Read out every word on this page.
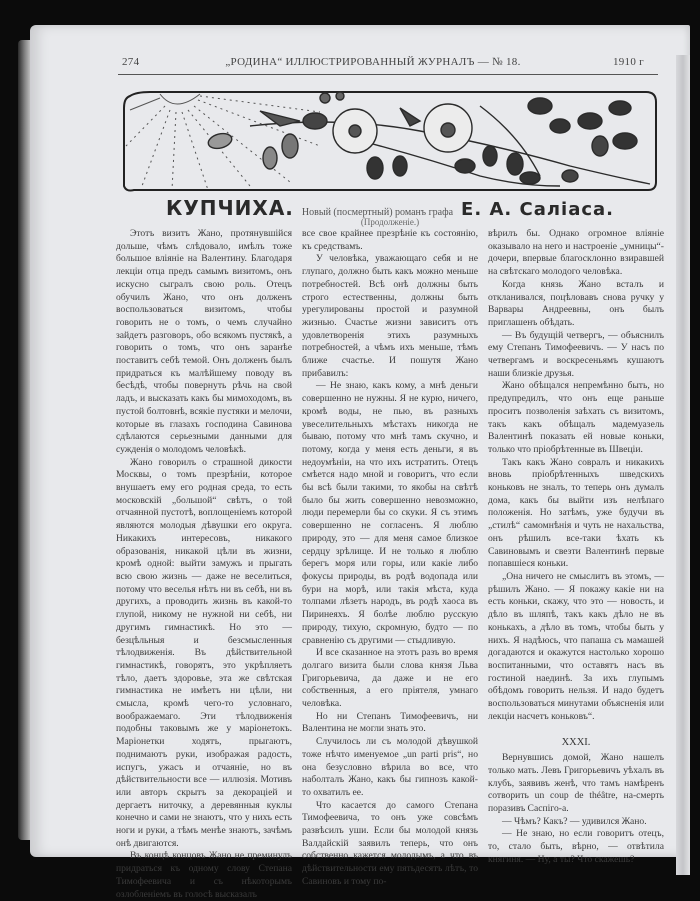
274	„РОДИНА“ ИЛЛЮСТРИРОВАННЫЙ ЖУРНАЛЪ — № 18.	1910 г
КУПЧИХА. Новый (посмертный) романъ графа Е. А. Саліаса.
(Продолженіе.)

Этотъ визитъ Жано, протянувшійся дольше, чѣмъ слѣдовало, имѣлъ тоже большое вліяніе на Валентину. Благодаря лекціи отца предъ самымъ визитомъ, онъ искусно сыгралъ свою роль. Отецъ обучилъ Жано, что онъ долженъ воспользоваться визитомъ, чтобы говорить не о томъ, о чемъ случайно зайдетъ разговоръ, обо всякомъ пустякѣ, а говорить о томъ, что онъ заранѣе поставитъ себѣ темой. Онъ долженъ былъ придраться къ малѣйшему поводу въ бесѣдѣ, чтобы повернуть рѣчь на свой ладъ, и высказать какъ бы мимоходомъ, въ пустой болтовнѣ, всякіе пустяки и мелочи, которые въ глазахъ господина Савинова сдѣлаются серьезными данными для сужденія о молодомъ человѣкѣ.

Жано говорилъ о страшной дикости Москвы, о томъ презрѣніи, которое внушаетъ ему его родная среда, то есть московскій „большой“ свѣтъ, о той отчаянной пустотѣ, воплощеніемъ которой являются молодыя дѣвушки его округа. Никакихъ интересовъ, никакого образованія, никакой цѣли въ жизни, кромѣ одной: выйти замужъ и прыгать всю свою жизнь — даже не веселиться, потому что веселья нѣтъ ни въ себѣ, ни въ другихъ, а проводить жизнь въ какой-то глупой, никому не нужной ни себѣ, ни другимъ гимнастикѣ. Но это — безцѣльныя и безсмысленныя тѣлодвиженія. Въ дѣйствительной гимнастикѣ, говорятъ, это укрѣпляетъ тѣло, даетъ здоровье, эта же свѣтская гимнастика не имѣетъ ни цѣли, ни смысла, кромѣ чего-то условнаго, воображаемаго. Эти тѣлодвиженія подобны таковымъ же у маріонетокъ. Маріонетки ходятъ, прыгаютъ, поднимаютъ руки, изображая радость, испугъ, ужасъ и отчаяніе, но въ дѣйствительности все — иллюзія. Мотивъ или авторъ скрытъ за декораціей и дергаетъ ниточку, а деревянныя куклы конечно и сами не знаютъ, что у нихъ есть ноги и руки, а тѣмъ менѣе знаютъ, зачѣмъ онѣ двигаются.

Въ концѣ концовъ Жано не преминулъ придраться къ одному слову Степана Тимофеевича и съ нѣкоторымъ озлобленіемъ въ голосѣ высказалъ

все свое крайнее презрѣніе къ состоянію, къ средствамъ.

У человѣка, уважающаго себя и не глупаго, должно быть какъ можно меньше потребностей. Всѣ онѣ должны быть строго естественны, должны быть урегулированы простой и разумной жизнью. Счастье жизни зависитъ отъ удовлетворенія этихъ разумныхъ потребностей, а чѣмъ ихъ меньше, тѣмъ ближе счастье. И пошутя Жано прибавилъ:

— Не знаю, какъ кому, а мнѣ деньги совершенно не нужны. Я не курю, ничего, кромѣ воды, не пью, въ разныхъ увеселительныхъ мѣстахъ никогда не бываю, потому что мнѣ тамъ скучно, и потому, когда у меня есть деньги, я въ недоумѣніи, на что ихъ истратить. Отецъ смѣется надо мной и говоритъ, что если бы всѣ были такими, то якобы на свѣтѣ было бы жить совершенно невозможно, люди перемерли бы со скуки. Я съ этимъ совершенно не согласенъ. Я люблю природу, это — для меня самое близкое сердцу зрѣлище. И не только я люблю берегъ моря или горы, или какіе либо фокусы природы, въ родѣ водопада или бури на морѣ, или такія мѣста, куда толпами лѣзетъ народъ, въ родѣ хаоса въ Пиринеяхъ. Я болѣе люблю русскую природу, тихую, скромную, будто — по сравненію съ другими — стыдливую.

И все сказанное на этотъ разъ во время долгаго визита были слова князя Льва Григорьевича, да даже и не его собственныя, а его пріятеля, умнаго человѣка.

Но ни Степанъ Тимофеевичъ, ни Валентина не могли знать это.

Случилось ли съ молодой дѣвушкой тоже нѣчто именуемое „un parti pris“, но она безусловно вѣрила во все, что наболталъ Жано, какъ бы гипнозъ какой-то охватилъ ее.

Что касается до самого Степана Тимофеевича, то онъ уже совсѣмъ развѣсилъ уши. Если бы молодой князь Валдайскій заявилъ теперь, что онъ собственно кажется молодымъ, а что въ дѣйствительности ему пятьдесятъ лѣтъ, то Савиновъ и тому по-

вѣрилъ бы. Однако огромное вліяніе оказывало на него и настроеніе „умницы“-дочери, впервые благосклонно взиравшей на свѣтскаго молодого человѣка.

Когда князь Жано всталъ и откланивался, поцѣловавъ снова ручку у Варвары Андреевны, онъ былъ приглашенъ обѣдать.

— Въ будущій четвергъ, — объяснилъ ему Степанъ Тимофеевичъ. — У насъ по четвергамъ и воскресеньямъ кушаютъ наши близкіе друзья.

Жано обѣщался непремѣнно быть, но предупредилъ, что онъ еще раньше проситъ позволенія заѣхать съ визитомъ, такъ какъ обѣщалъ мадемуазель Валентинѣ показать ей новые коньки, только что пріобрѣтенные въ Швеціи.

Такъ какъ Жано совралъ и никакихъ вновь пріобрѣтенныхъ шведскихъ коньковъ не зналъ, то теперь онъ думалъ дома, какъ бы выйти изъ нелѣпаго положенія. Но затѣмъ, уже будучи въ „стилѣ“ самомнѣнія и чуть не нахальства, онъ рѣшилъ все-таки ѣхать къ Савиновымъ и свезти Валентинѣ первые попавшіеся коньки.

„Она ничего не смыслитъ въ этомъ, — рѣшилъ Жано. — Я покажу какіе ни на есть коньки, скажу, что это — новость, и дѣло въ шляпѣ, такъ какъ дѣло не въ конькахъ, а дѣло въ томъ, чтобы быть у нихъ. Я надѣюсь, что папаша съ мамашей догадаются и окажутся настолько хорошо воспитанными, что оставятъ насъ въ гостиной наединѣ. За ихъ глупымъ обѣдомъ говорить нельзя. И надо будетъ воспользоваться минутами объясненія или лекціи насчетъ коньковъ“.

XXXI.

Вернувшись домой, Жано нашелъ только мать. Левъ Григорьевичъ уѣхалъ въ клубъ, заявивъ женѣ, что тамъ намѣренъ сотворить un coup de théâtre, на-смерть поразивъ Саспіго-а.

— Чѣмъ? Какъ? — удивился Жано.

— Не знаю, но если говоритъ отецъ, то, стало быть, вѣрно, — отвѣтила княгиня. — Ну, а ты? Что скажешь?
